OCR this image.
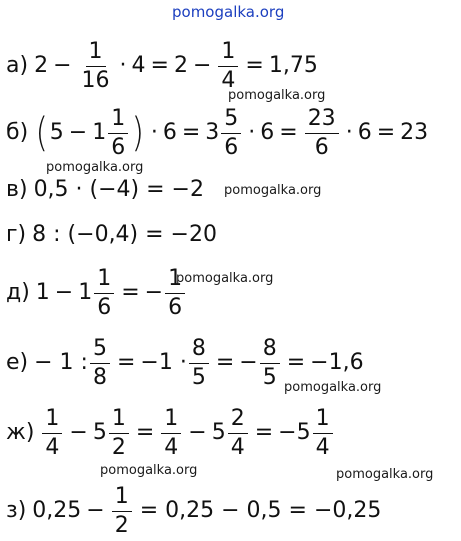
pomogalka.org
pomogalka.org
pomogalka.org
pomogalka.org
pomogalka.org
pomogalka.org
pomogalka.org	pomogalka.org
а) $2 - \frac{1}{16} \cdot 4 = 2 - \frac{1}{4} = 1,75$
б) ( $5 - 1 \frac{1}{6}$ ) · $6 = 3 \frac{5}{6} \cdot 6 = \frac{23}{6} \cdot 6 = 23$
в) 0,5 · (−4) = −2
г) 8 : (−0,4) = −20
д) $1 - 1 \frac{1}{6}$ = − $\frac{1}{6}$
е) − 1 : $\frac{5}{8} = -1 \cdot \frac{8}{5}$ = − $\frac{8}{5} = -1,6$
$ж) \frac{1}{4} - 5 \frac{1}{2} = \frac{1}{4} - 5 \frac{2}{4} = -5 \frac{1}{4}$
з) $0,25 - \frac{1}{2} = 0,25 - 0,5 = -0,25$
